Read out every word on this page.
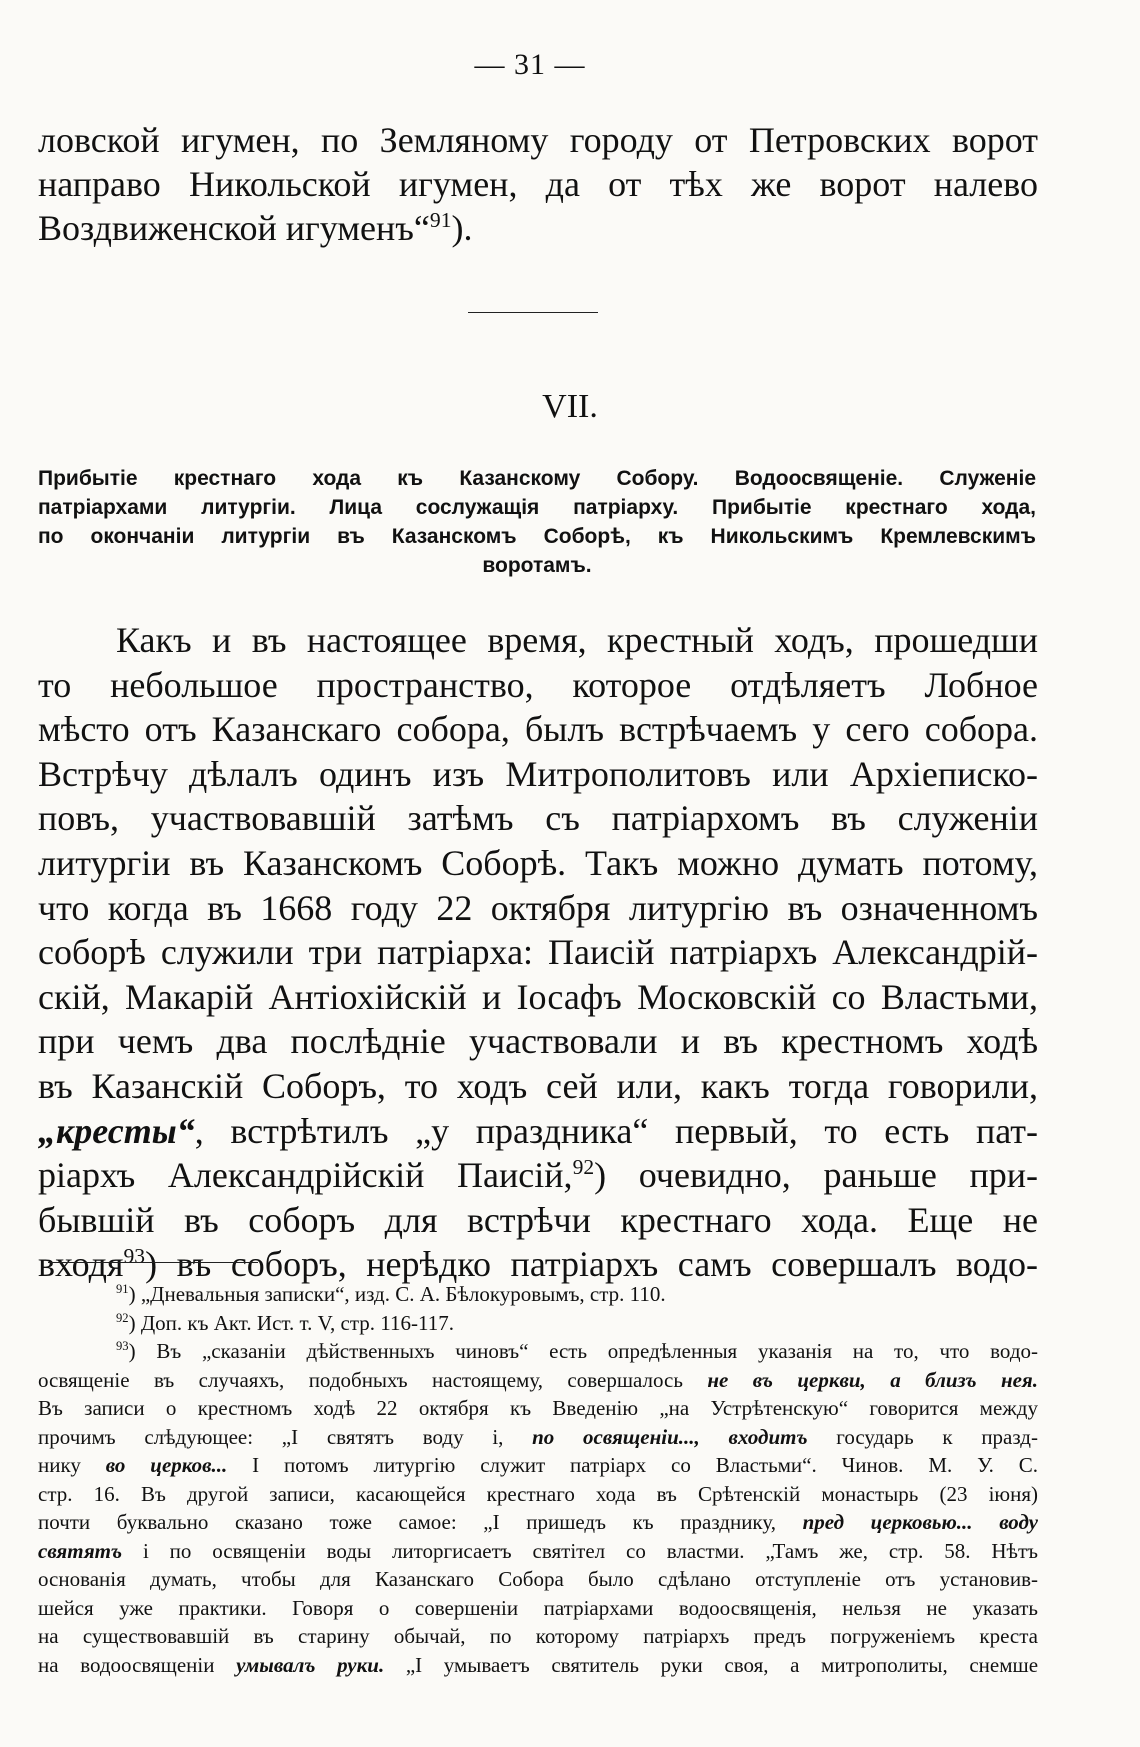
— 31 —
ловской игумен, по Земляному городу от Петровских ворот
направо Никольской игумен, да от тѣх же ворот налево
Воздвиженской игуменъ“$^{91}$).
VII.
Прибытіе крестнаго хода къ Казанскому Собору. Водоосвященіе. Служеніе
патріархами литургіи. Лица сослужащія патріарху. Прибытіе крестнаго хода,
по окончаніи литургіи въ Казанскомъ Соборѣ, къ Никольскимъ Кремлевскимъ
воротамъ.
Какъ и въ настоящее время, крестный ходъ, прошедши
то небольшое пространство, которое отдѣляетъ Лобное
мѣсто отъ Казанскаго собора, былъ встрѣчаемъ у сего собора.
Встрѣчу дѣлалъ одинъ изъ Митрополитовъ или Архіеписко-
повъ, участвовавшій затѣмъ съ патріархомъ въ служеніи
литургіи въ Казанскомъ Соборѣ. Такъ можно думать потому,
что когда въ 1668 году 22 октября литургію въ означенномъ
соборѣ служили три патріарха: Паисій патріархъ Александрій-
скій, Макарій Антіохійскій и Іосафъ Московскій со Властьми,
при чемъ два послѣдніе участвовали и въ крестномъ ходѣ
въ Казанскій Соборъ, то ходъ сей или, какъ тогда говорили,
„кресты“, встрѣтилъ „у праздника“ первый, то есть пат-
ріархъ Александрійскій Паисій,$^{92}$) очевидно, раньше при-
бывшій въ соборъ для встрѣчи крестнаго хода. Еще не
входя$^{93}$) въ соборъ, нерѣдко патріархъ самъ совершалъ водо-
$^{91}$) „Дневальныя записки“, изд. С. А. Бѣлокуровымъ, стр. 110.
$^{92}$) Доп. къ Акт. Ист. т. V, стр. 116-117.
$^{93}$) Въ „сказаніи дѣйственныхъ чиновъ“ есть опредѣленныя указанія на то, что водо-
освященіе въ случаяхъ, подобныхъ настоящему, совершалось не въ церкви, а близъ нея.
Въ записи о крестномъ ходѣ 22 октября къ Введенію „на Устрѣтенскую“ говорится между
прочимъ слѣдующее: „І святятъ воду і, по освященіи..., входитъ государь к празд-
нику во церков... І потомъ литургію служит патріарх со Властьми“. Чинов. М. У. С.
стр. 16. Въ другой записи, касающейся крестнаго хода въ Срѣтенскій монастырь (23 іюня)
почти буквально сказано тоже самое: „І пришедъ къ празднику, пред церковью... воду
святятъ і по освященіи воды литоргисаетъ святітел со властми. „Тамъ же, стр. 58. Нѣтъ
основанія думать, чтобы для Казанскаго Собора было сдѣлано отступленіе отъ установив-
шейся уже практики. Говоря о совершеніи патріархами водоосвященія, нельзя не указать
на существовавшій въ старину обычай, по которому патріархъ предъ погруженіемъ креста
на водоосвященіи умывалъ руки. „І умываетъ святитель руки своя, а митрополиты, снемше
